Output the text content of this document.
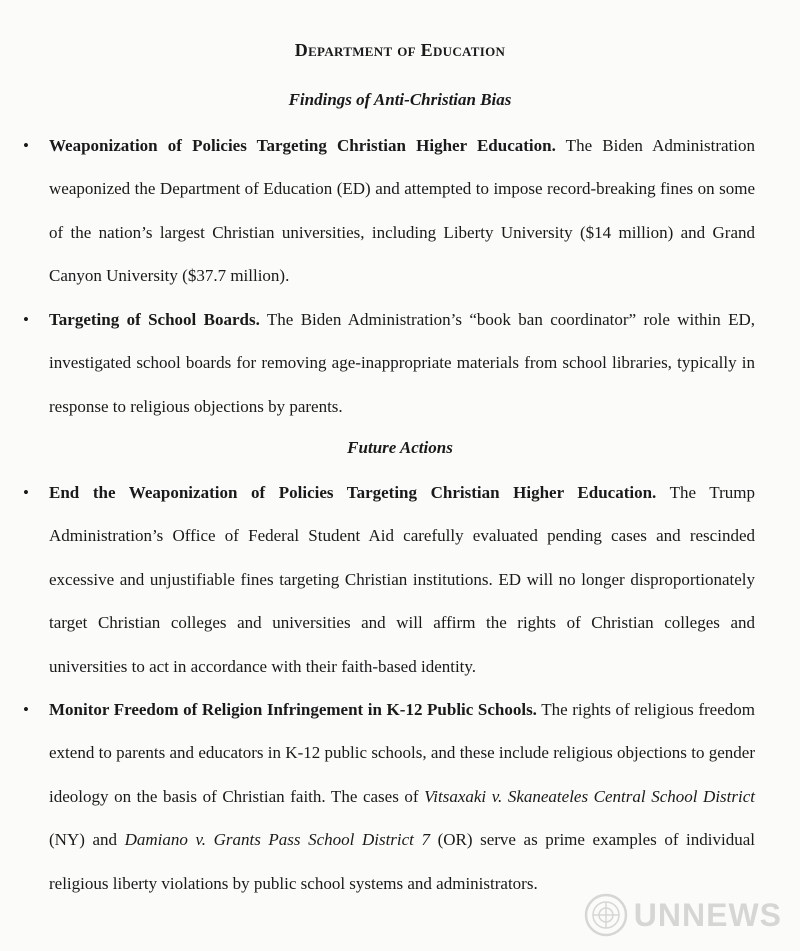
Department of Education
Findings of Anti-Christian Bias
• Weaponization of Policies Targeting Christian Higher Education. The Biden Administration weaponized the Department of Education (ED) and attempted to impose record-breaking fines on some of the nation’s largest Christian universities, including Liberty University ($14 million) and Grand Canyon University ($37.7 million).
• Targeting of School Boards. The Biden Administration’s “book ban coordinator” role within ED, investigated school boards for removing age-inappropriate materials from school libraries, typically in response to religious objections by parents.
Future Actions
• End the Weaponization of Policies Targeting Christian Higher Education. The Trump Administration’s Office of Federal Student Aid carefully evaluated pending cases and rescinded excessive and unjustifiable fines targeting Christian institutions. ED will no longer disproportionately target Christian colleges and universities and will affirm the rights of Christian colleges and universities to act in accordance with their faith-based identity.
• Monitor Freedom of Religion Infringement in K-12 Public Schools. The rights of religious freedom extend to parents and educators in K-12 public schools, and these include religious objections to gender ideology on the basis of Christian faith. The cases of Vitsaxaki v. Skaneateles Central School District (NY) and Damiano v. Grants Pass School District 7 (OR) serve as prime examples of individual religious liberty violations by public school systems and administrators.
UNNEWS
